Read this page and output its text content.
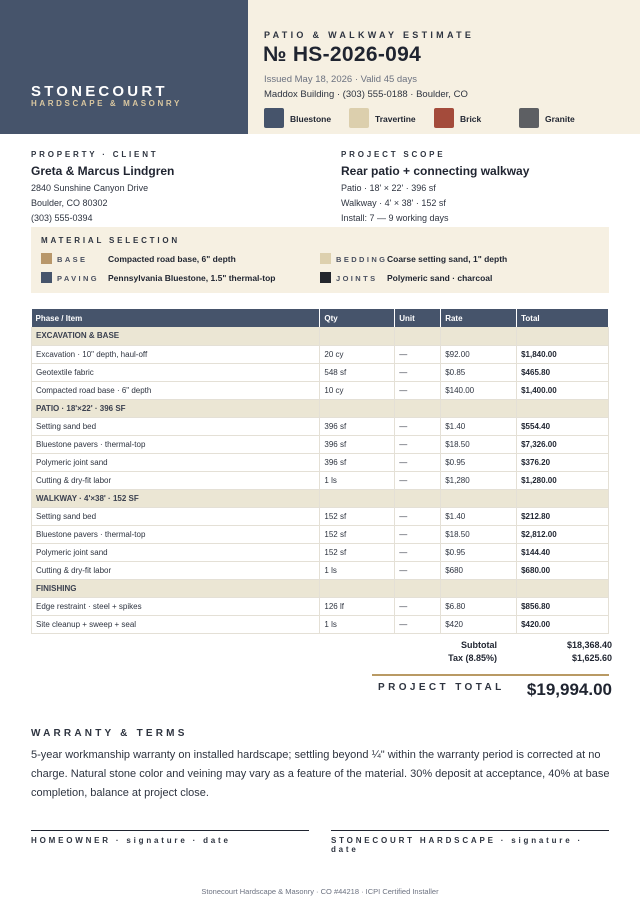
STONECOURT
HARDSCAPE & MASONRY
PATIO & WALKWAY ESTIMATE
№ HS-2026-094
Issued May 18, 2026 · Valid 45 days
Maddox Building · (303) 555-0188 · Boulder, CO
Bluestone	Travertine	Brick	Granite
PROPERTY · CLIENT
Greta & Marcus Lindgren
2840 Sunshine Canyon Drive
Boulder, CO 80302
(303) 555-0394
PROJECT SCOPE
Rear patio + connecting walkway
Patio · 18' × 22' · 396 sf
Walkway · 4' × 38' · 152 sf
Install: 7 — 9 working days
MATERIAL SELECTION
BASE Compacted road base, 6" depth	BEDDING Coarse setting sand, 1" depth
PAVING Pennsylvania Bluestone, 1.5" thermal-top	JOINTS Polymeric sand · charcoal
Phase / Item	Qty	Unit	Rate	Total
EXCAVATION & BASE				
Excavation · 10" depth, haul-off	20 cy	—	$92.00	$1,840.00
Geotextile fabric	548 sf	—	$0.85	$465.80
Compacted road base · 6" depth	10 cy	—	$140.00	$1,400.00
PATIO · 18'×22' · 396 SF				
Setting sand bed	396 sf	—	$1.40	$554.40
Bluestone pavers · thermal-top	396 sf	—	$18.50	$7,326.00
Polymeric joint sand	396 sf	—	$0.95	$376.20
Cutting & dry-fit labor	1 ls	—	$1,280	$1,280.00
WALKWAY · 4'×38' · 152 SF				
Setting sand bed	152 sf	—	$1.40	$212.80
Bluestone pavers · thermal-top	152 sf	—	$18.50	$2,812.00
Polymeric joint sand	152 sf	—	$0.95	$144.40
Cutting & dry-fit labor	1 ls	—	$680	$680.00
FINISHING				
Edge restraint · steel + spikes	126 lf	—	$6.80	$856.80
Site cleanup + sweep + seal	1 ls	—	$420	$420.00
Subtotal	$18,368.40
Tax (8.85%)	$1,625.60
PROJECT TOTAL $19,994.00
WARRANTY & TERMS

5-year workmanship warranty on installed hardscape; settling beyond ¼" within the warranty period is corrected at no charge. Natural stone color and veining may vary as a feature of the material. 30% deposit at acceptance, 40% at base completion, balance at project close.

HOMEOWNER · signature · date	STONECOURT HARDSCAPE · signature · date
Stonecourt Hardscape & Masonry · CO #44218 · ICPI Certified Installer
